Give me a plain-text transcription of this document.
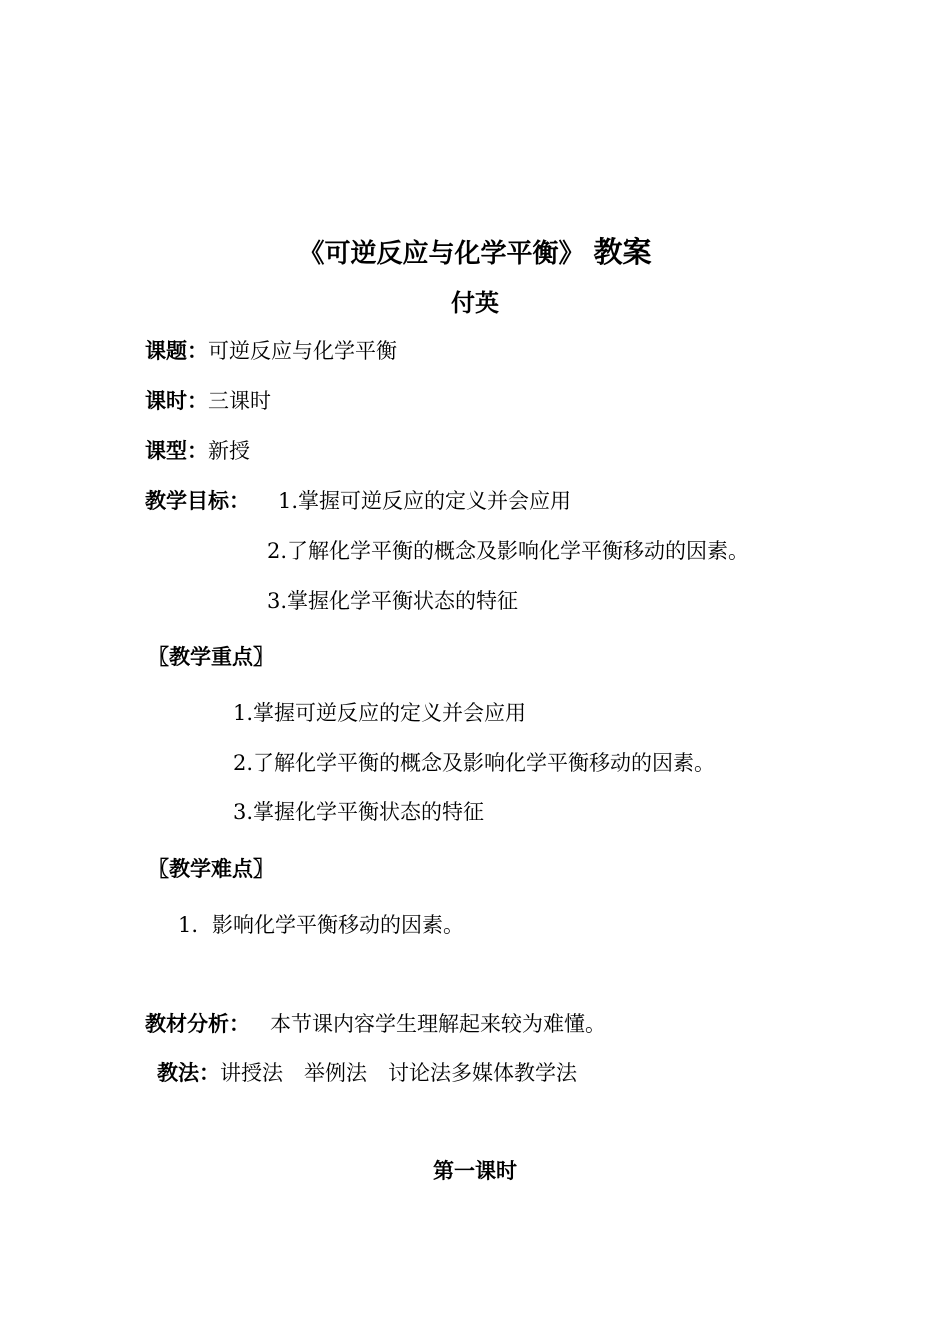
《可逆反应与化学平衡》 教案
付英
课题：可逆反应与化学平衡
课时：三课时
课型：新授
教学目标： 1.掌握可逆反应的定义并会应用
2.了解化学平衡的概念及影响化学平衡移动的因素。
3.掌握化学平衡状态的特征
〖教学重点〗
1.掌握可逆反应的定义并会应用
2.了解化学平衡的概念及影响化学平衡移动的因素。
3.掌握化学平衡状态的特征
〖教学难点〗
1. 影响化学平衡移动的因素。
教材分析： 本节课内容学生理解起来较为难懂。
教法：讲授法　举例法　讨论法多媒体教学法
第一课时
